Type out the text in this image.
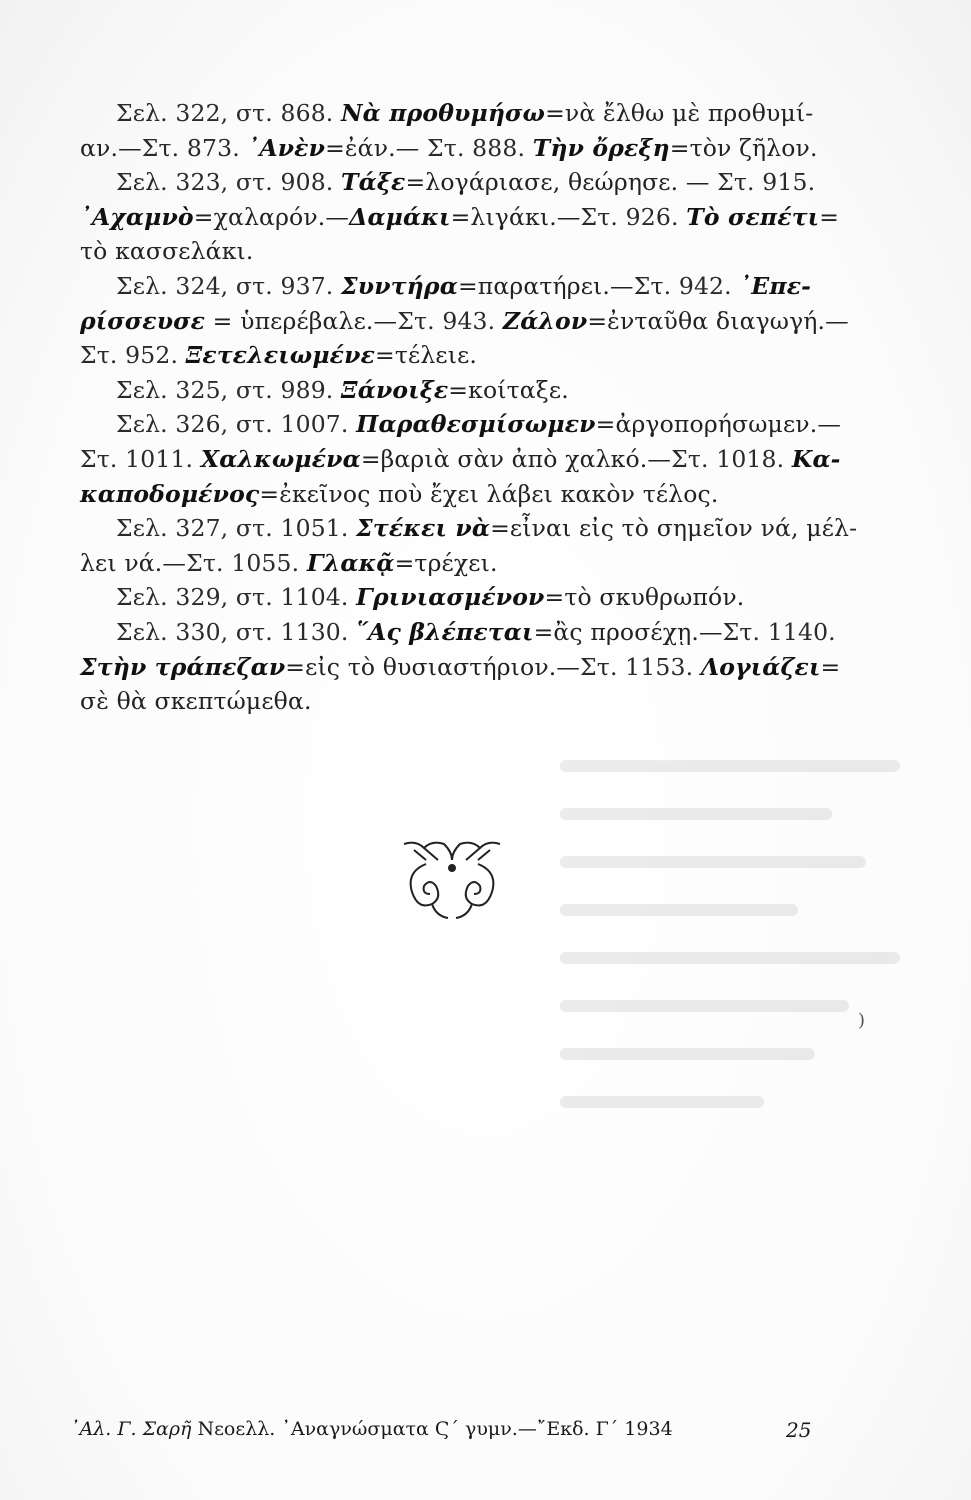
Σελ. 322, στ. 868. Νὰ προθυμήσω=νὰ ἔλθω μὲ προθυμί-
αν.—Στ. 873. ᾽Ανὲν=ἐάν.— Στ. 888. Τὴν ὄρεξη=τὸν ζῆλον.
Σελ. 323, στ. 908. Τάξε=λογάριασε, θεώρησε. — Στ. 915.
᾽Αχαμνὸ=χαλαρόν.—Δαμάκι=λιγάκι.—Στ. 926. Τὸ σεπέτι=
τὸ κασσελάκι.
Σελ. 324, στ. 937. Συντήρα=παρατήρει.—Στ. 942. ᾽Επε-
ρίσσευσε = ὑπερέβαλε.—Στ. 943. Ζάλον=ἐνταῦθα διαγωγή.—
Στ. 952. Ξετελειωμένε=τέλειε.
Σελ. 325, στ. 989. Ξάνοιξε=κοίταξε.
Σελ. 326, στ. 1007. Παραθεσμίσωμεν=ἀργοπορήσωμεν.—
Στ. 1011. Χαλκωμένα=βαριὰ σὰν ἀπὸ χαλκό.—Στ. 1018. Κα-
καποδομένος=ἐκεῖνος ποὺ ἔχει λάβει κακὸν τέλος.
Σελ. 327, στ. 1051. Στέκει νὰ=εἶναι εἰς τὸ σημεῖον νά, μέλ-
λει νά.—Στ. 1055. Γλακᾷ=τρέχει.
Σελ. 329, στ. 1104. Γρινιασμένον=τὸ σκυθρωπόν.
Σελ. 330, στ. 1130. ῞Ας βλέπεται=ἂς προσέχῃ.—Στ. 1140.
Στὴν τράπεζαν=εἰς τὸ θυσιαστήριον.—Στ. 1153. Λογιάζει=
σὲ θὰ σκεπτώμεθα.
)
᾽Αλ. Γ. Σαρῆ Νεοελλ. ᾽Αναγνώσματα Ϛ΄ γυμν.—῎Εκδ. Γ΄ 1934	25
